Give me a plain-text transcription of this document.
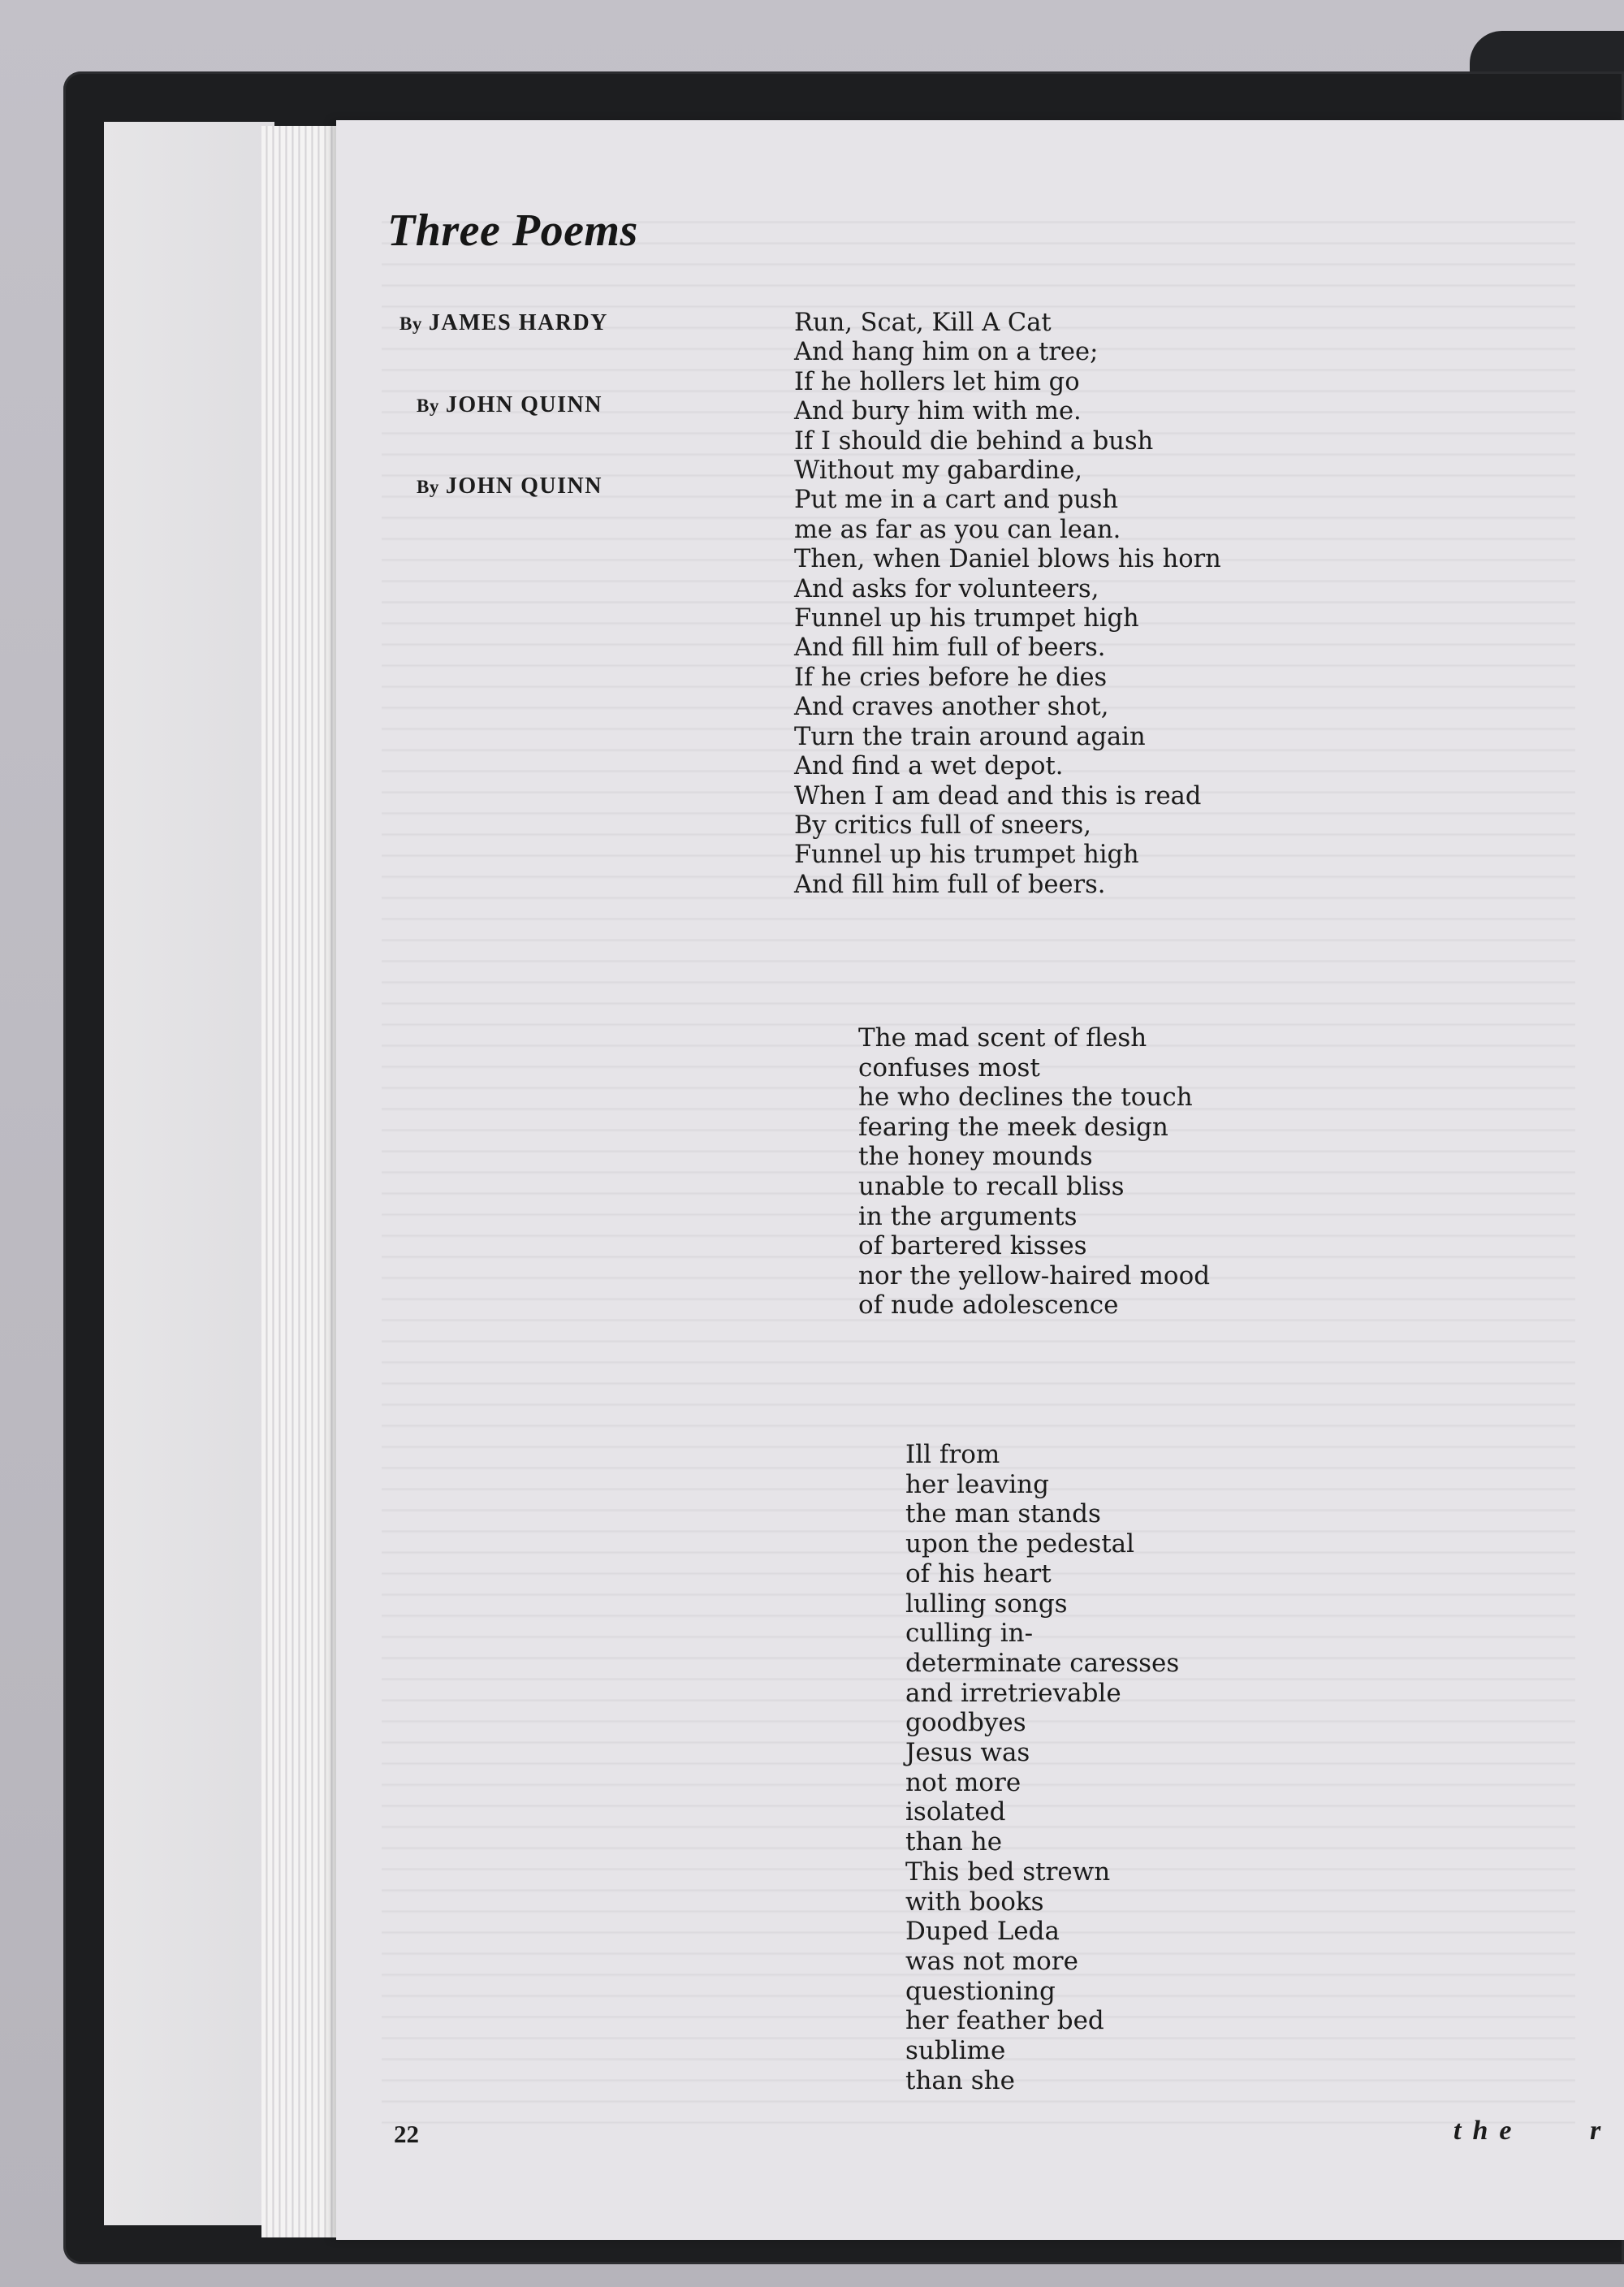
Three Poems

By JAMES HARDY

By JOHN QUINN

By JOHN QUINN

Run, Scat, Kill A Cat
And hang him on a tree;
If he hollers let him go
And bury him with me.
If I should die behind a bush
Without my gabardine,
Put me in a cart and push
me as far as you can lean.
Then, when Daniel blows his horn
And asks for volunteers,
Funnel up his trumpet high
And fill him full of beers.
If he cries before he dies
And craves another shot,
Turn the train around again
And find a wet depot.
When I am dead and this is read
By critics full of sneers,
Funnel up his trumpet high
And fill him full of beers.
The mad scent of flesh
confuses most
he who declines the touch
fearing the meek design
the honey mounds
unable to recall bliss
in the arguments
of bartered kisses
nor the yellow-haired mood
of nude adolescence
Ill from
her leaving
the man stands
upon the pedestal
of his heart
lulling songs
culling in-
determinate caresses
and irretrievable
goodbyes
Jesus was
not more
isolated
than he
This bed strewn
with books
Duped Leda
was not more
questioning
her feather bed
sublime
than she

22	the r
